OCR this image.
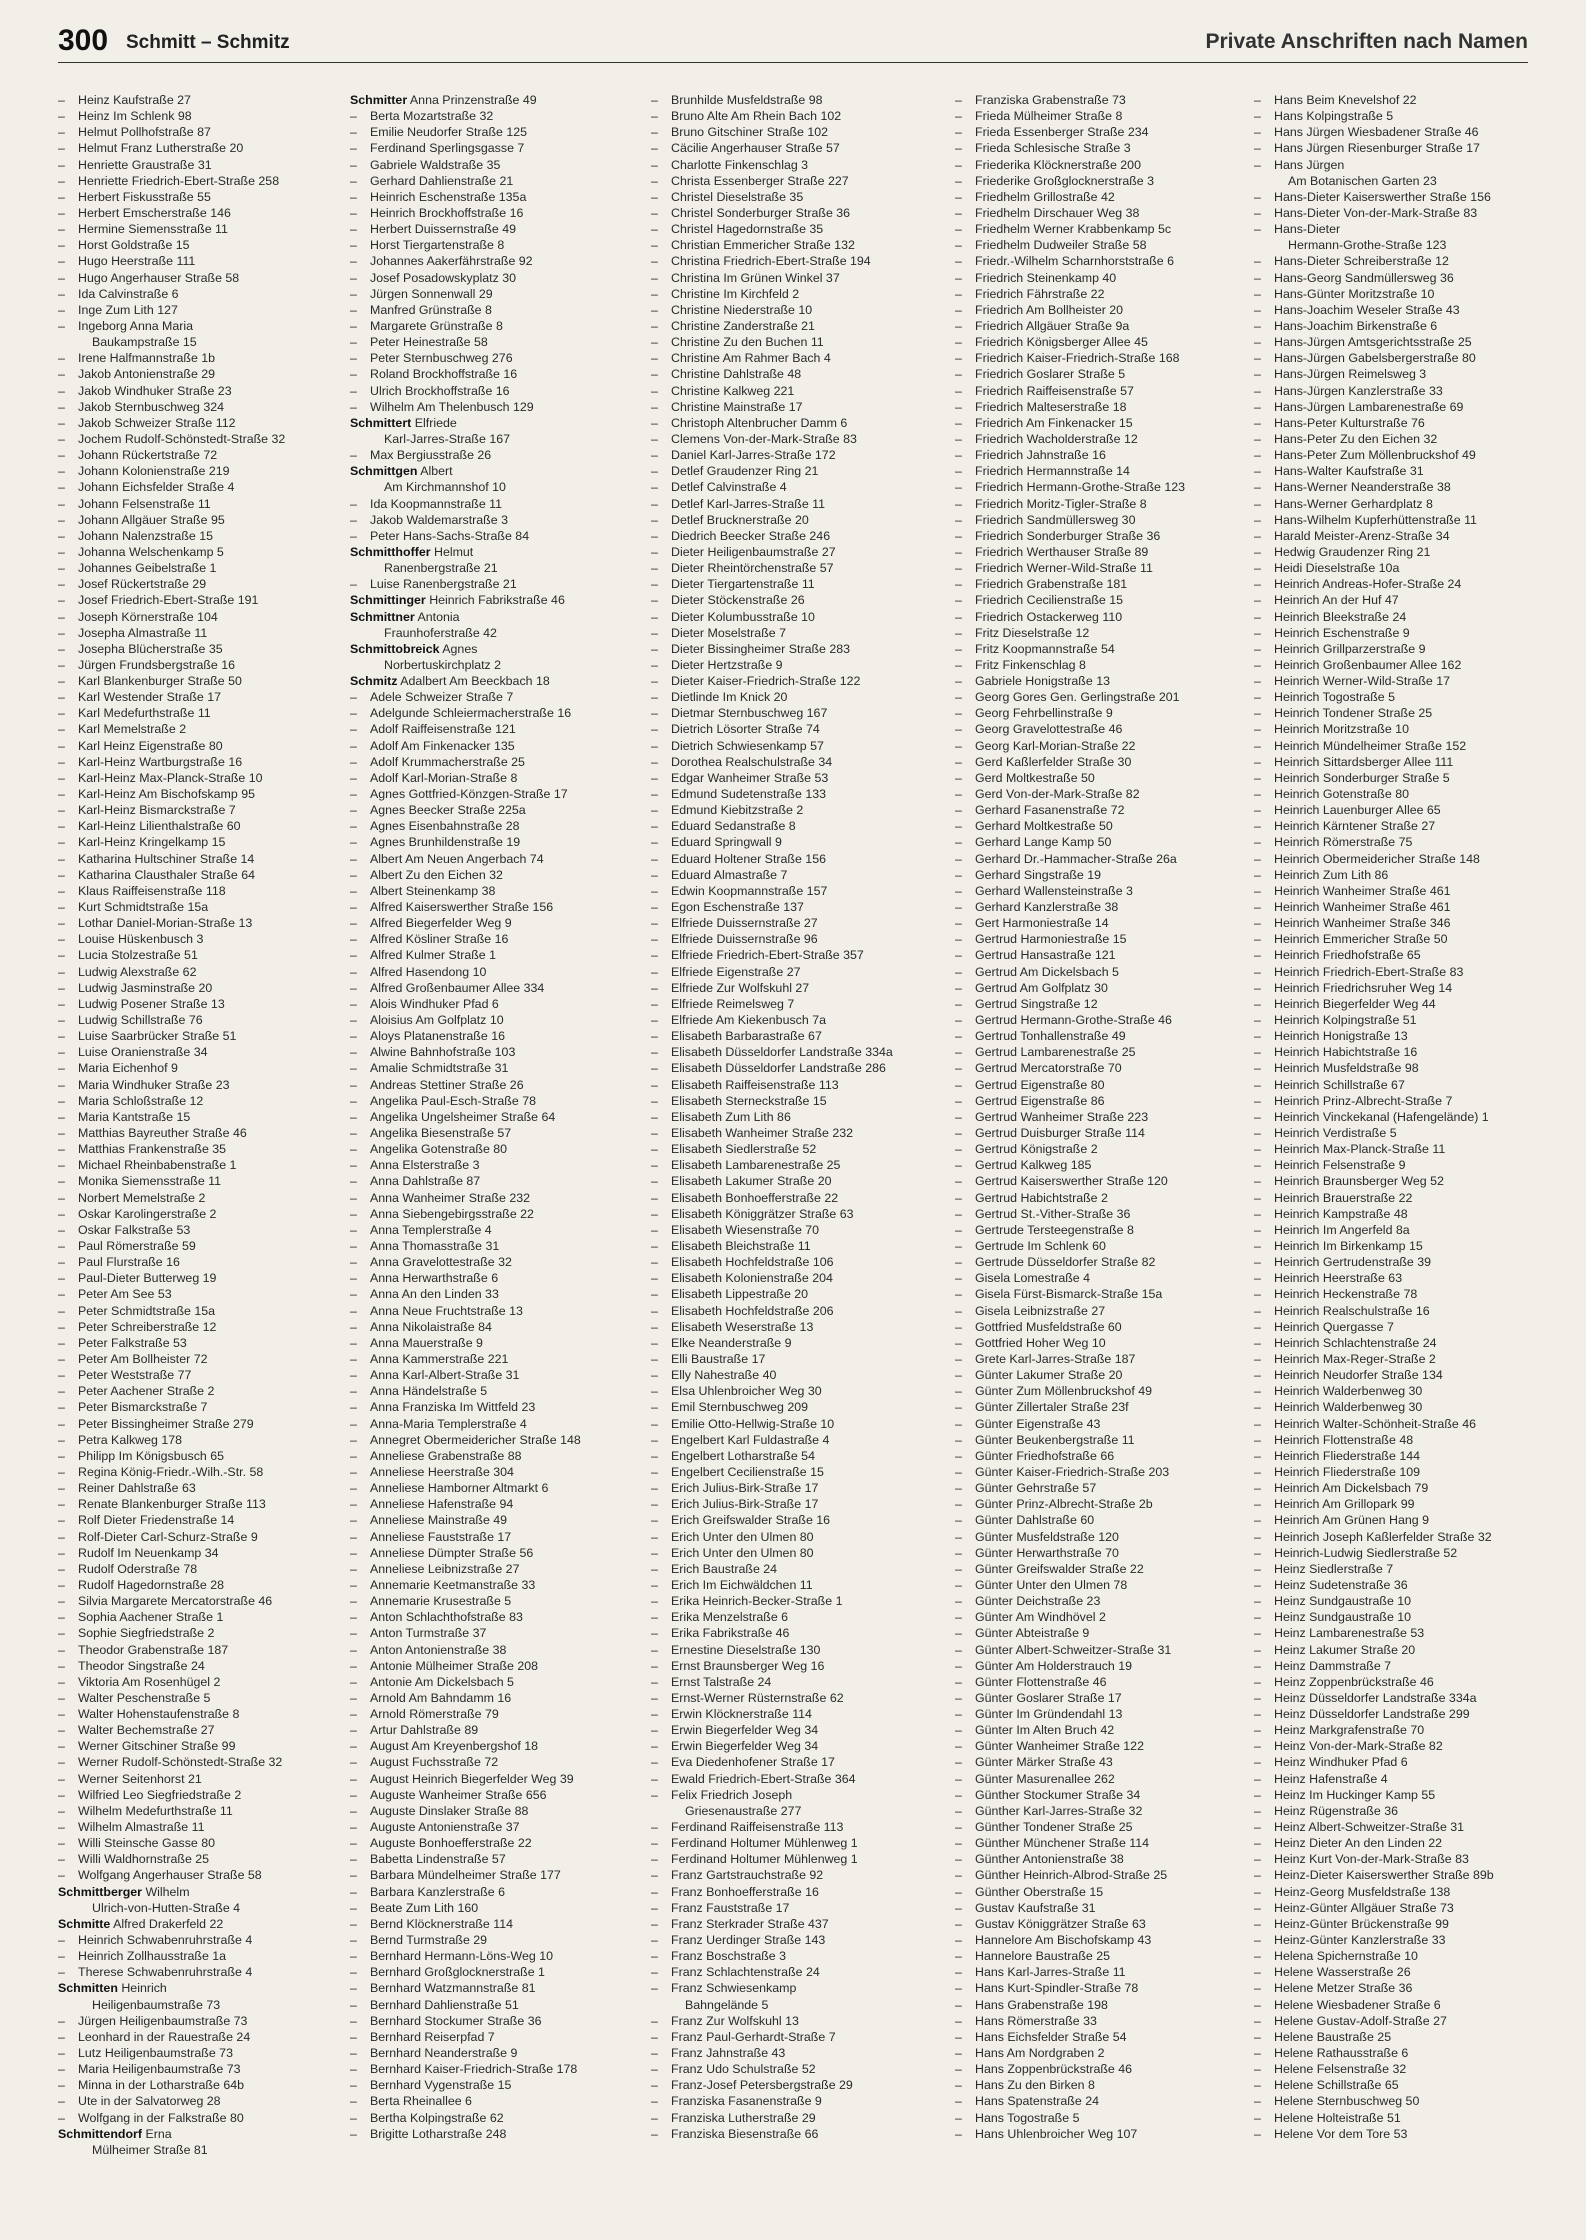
300 Schmitt – Schmitz	Private Anschriften nach Namen
– Heinz Kaufstraße 27
– Heinz Im Schlenk 98
– Helmut Pollhofstraße 87
– Helmut Franz Lutherstraße 20
– Henriette Graustraße 31
– Henriette Friedrich-Ebert-Straße 258
– Herbert Fiskusstraße 55
– Herbert Emscherstraße 146
– Hermine Siemensstraße 11
– Horst Goldstraße 15
– Hugo Heerstraße 111
– Hugo Angerhauser Straße 58
– Ida Calvinstraße 6
– Inge Zum Lith 127
– Ingeborg Anna Maria
Baukampstraße 15
– Irene Halfmannstraße 1b
– Jakob Antonienstraße 29
– Jakob Windhuker Straße 23
– Jakob Sternbuschweg 324
– Jakob Schweizer Straße 112
– Jochem Rudolf-Schönstedt-Straße 32
– Johann Rückertstraße 72
– Johann Kolonienstraße 219
– Johann Eichsfelder Straße 4
– Johann Felsenstraße 11
– Johann Allgäuer Straße 95
– Johann Nalenzstraße 15
– Johanna Welschenkamp 5
– Johannes Geibelstraße 1
– Josef Rückertstraße 29
– Josef Friedrich-Ebert-Straße 191
– Joseph Körnerstraße 104
– Josepha Almastraße 11
– Josepha Blücherstraße 35
– Jürgen Frundsbergstraße 16
– Karl Blankenburger Straße 50
– Karl Westender Straße 17
– Karl Medefurthstraße 11
– Karl Memelstraße 2
– Karl Heinz Eigenstraße 80
– Karl-Heinz Wartburgstraße 16
– Karl-Heinz Max-Planck-Straße 10
– Karl-Heinz Am Bischofskamp 95
– Karl-Heinz Bismarckstraße 7
– Karl-Heinz Lilienthalstraße 60
– Karl-Heinz Kringelkamp 15
– Katharina Hultschiner Straße 14
– Katharina Clausthaler Straße 64
– Klaus Raiffeisenstraße 118
– Kurt Schmidtstraße 15a
– Lothar Daniel-Morian-Straße 13
– Louise Hüskenbusch 3
– Lucia Stolzestraße 51
– Ludwig Alexstraße 62
– Ludwig Jasminstraße 20
– Ludwig Posener Straße 13
– Ludwig Schillstraße 76
– Luise Saarbrücker Straße 51
– Luise Oranienstraße 34
– Maria Eichenhof 9
– Maria Windhuker Straße 23
– Maria Schloßstraße 12
– Maria Kantstraße 15
– Matthias Bayreuther Straße 46
– Matthias Frankenstraße 35
– Michael Rheinbabenstraße 1
– Monika Siemensstraße 11
– Norbert Memelstraße 2
– Oskar Karolingerstraße 2
– Oskar Falkstraße 53
– Paul Römerstraße 59
– Paul Flurstraße 16
– Paul-Dieter Butterweg 19
– Peter Am See 53
– Peter Schmidtstraße 15a
– Peter Schreiberstraße 12
– Peter Falkstraße 53
– Peter Am Bollheister 72
– Peter Weststraße 77
– Peter Aachener Straße 2
– Peter Bismarckstraße 7
– Peter Bissingheimer Straße 279
– Petra Kalkweg 178
– Philipp Im Königsbusch 65
– Regina König-Friedr.-Wilh.-Str. 58
– Reiner Dahlstraße 63
– Renate Blankenburger Straße 113
– Rolf Dieter Friedenstraße 14
– Rolf-Dieter Carl-Schurz-Straße 9
– Rudolf Im Neuenkamp 34
– Rudolf Oderstraße 78
– Rudolf Hagedornstraße 28
– Silvia Margarete Mercatorstraße 46
– Sophia Aachener Straße 1
– Sophie Siegfriedstraße 2
– Theodor Grabenstraße 187
– Theodor Singstraße 24
– Viktoria Am Rosenhügel 2
– Walter Peschenstraße 5
– Walter Hohenstaufenstraße 8
– Walter Bechemstraße 27
– Werner Gitschiner Straße 99
– Werner Rudolf-Schönstedt-Straße 32
– Werner Seitenhorst 21
– Wilfried Leo Siegfriedstraße 2
– Wilhelm Medefurthstraße 11
– Wilhelm Almastraße 11
– Willi Steinsche Gasse 80
– Willi Waldhornstraße 25
– Wolfgang Angerhauser Straße 58
Schmittberger Wilhelm
Ulrich-von-Hutten-Straße 4
Schmitte Alfred Drakerfeld 22
– Heinrich Schwabenruhrstraße 4
– Heinrich Zollhausstraße 1a
– Therese Schwabenruhrstraße 4
Schmitten Heinrich
Heiligenbaumstraße 73
– Jürgen Heiligenbaumstraße 73
– Leonhard in der Rauestraße 24
– Lutz Heiligenbaumstraße 73
– Maria Heiligenbaumstraße 73
– Minna in der Lotharstraße 64b
– Ute in der Salvatorweg 28
– Wolfgang in der Falkstraße 80
Schmittendorf Erna
Mülheimer Straße 81
Schmitter Anna Prinzenstraße 49
– Berta Mozartstraße 32
– Emilie Neudorfer Straße 125
– Ferdinand Sperlingsgasse 7
– Gabriele Waldstraße 35
– Gerhard Dahlienstraße 21
– Heinrich Eschenstraße 135a
– Heinrich Brockhoffstraße 16
– Herbert Duissernstraße 49
– Horst Tiergartenstraße 8
– Johannes Aakerfährstraße 92
– Josef Posadowskyplatz 30
– Jürgen Sonnenwall 29
– Manfred Grünstraße 8
– Margarete Grünstraße 8
– Peter Heinestraße 58
– Peter Sternbuschweg 276
– Roland Brockhoffstraße 16
– Ulrich Brockhoffstraße 16
– Wilhelm Am Thelenbusch 129
Schmittert Elfriede
Karl-Jarres-Straße 167
– Max Bergiusstraße 26
Schmittgen Albert
Am Kirchmannshof 10
– Ida Koopmannstraße 11
– Jakob Waldemarstraße 3
– Peter Hans-Sachs-Straße 84
Schmitthoffer Helmut
Ranenbergstraße 21
– Luise Ranenbergstraße 21
Schmittinger Heinrich Fabrikstraße 46
Schmittner Antonia
Fraunhoferstraße 42
Schmittobreick Agnes
Norbertuskirchplatz 2
Schmitz Adalbert Am Beeckbach 18
– Adele Schweizer Straße 7
– Adelgunde Schleiermacherstraße 16
– Adolf Raiffeisenstraße 121
– Adolf Am Finkenacker 135
– Adolf Krummacherstraße 25
– Adolf Karl-Morian-Straße 8
– Agnes Gottfried-Könzgen-Straße 17
– Agnes Beecker Straße 225a
– Agnes Eisenbahnstraße 28
– Agnes Brunhildenstraße 19
– Albert Am Neuen Angerbach 74
– Albert Zu den Eichen 32
– Albert Steinenkamp 38
– Alfred Kaiserswerther Straße 156
– Alfred Biegerfelder Weg 9
– Alfred Kösliner Straße 16
– Alfred Kulmer Straße 1
– Alfred Hasendong 10
– Alfred Großenbaumer Allee 334
– Alois Windhuker Pfad 6
– Aloisius Am Golfplatz 10
– Aloys Platanenstraße 16
– Alwine Bahnhofstraße 103
– Amalie Schmidtstraße 31
– Andreas Stettiner Straße 26
– Angelika Paul-Esch-Straße 78
– Angelika Ungelsheimer Straße 64
– Angelika Biesenstraße 57
– Angelika Gotenstraße 80
– Anna Elsterstraße 3
– Anna Dahlstraße 87
– Anna Wanheimer Straße 232
– Anna Siebengebirgsstraße 22
– Anna Templerstraße 4
– Anna Thomasstraße 31
– Anna Gravelottestraße 32
– Anna Herwarthstraße 6
– Anna An den Linden 33
– Anna Neue Fruchtstraße 13
– Anna Nikolaistraße 84
– Anna Mauerstraße 9
– Anna Kammerstraße 221
– Anna Karl-Albert-Straße 31
– Anna Händelstraße 5
– Anna Franziska Im Wittfeld 23
– Anna-Maria Templerstraße 4
– Annegret Obermeidericher Straße 148
– Anneliese Grabenstraße 88
– Anneliese Heerstraße 304
– Anneliese Hamborner Altmarkt 6
– Anneliese Hafenstraße 94
– Anneliese Mainstraße 49
– Anneliese Fauststraße 17
– Anneliese Dümpter Straße 56
– Anneliese Leibnizstraße 27
– Annemarie Keetmanstraße 33
– Annemarie Krusestraße 5
– Anton Schlachthofstraße 83
– Anton Turmstraße 37
– Anton Antonienstraße 38
– Antonie Mülheimer Straße 208
– Antonie Am Dickelsbach 5
– Arnold Am Bahndamm 16
– Arnold Römerstraße 79
– Artur Dahlstraße 89
– August Am Kreyenbergshof 18
– August Fuchsstraße 72
– August Heinrich Biegerfelder Weg 39
– Auguste Wanheimer Straße 656
– Auguste Dinslaker Straße 88
– Auguste Antonienstraße 37
– Auguste Bonhoefferstraße 22
– Babetta Lindenstraße 57
– Barbara Mündelheimer Straße 177
– Barbara Kanzlerstraße 6
– Beate Zum Lith 160
– Bernd Klöcknerstraße 114
– Bernd Turmstraße 29
– Bernhard Hermann-Löns-Weg 10
– Bernhard Großglocknerstraße 1
– Bernhard Watzmannstraße 81
– Bernhard Dahlienstraße 51
– Bernhard Stockumer Straße 36
– Bernhard Reiserpfad 7
– Bernhard Neanderstraße 9
– Bernhard Kaiser-Friedrich-Straße 178
– Bernhard Vygenstraße 15
– Berta Rheinallee 6
– Bertha Kolpingstraße 62
– Brigitte Lotharstraße 248
– Brunhilde Musfeldstraße 98
– Bruno Alte Am Rhein Bach 102
– Bruno Gitschiner Straße 102
– Cäcilie Angerhauser Straße 57
– Charlotte Finkenschlag 3
– Christa Essenberger Straße 227
– Christel Dieselstraße 35
– Christel Sonderburger Straße 36
– Christel Hagedornstraße 35
– Christian Emmericher Straße 132
– Christina Friedrich-Ebert-Straße 194
– Christina Im Grünen Winkel 37
– Christine Im Kirchfeld 2
– Christine Niederstraße 10
– Christine Zanderstraße 21
– Christine Zu den Buchen 11
– Christine Am Rahmer Bach 4
– Christine Dahlstraße 48
– Christine Kalkweg 221
– Christine Mainstraße 17
– Christoph Altenbrucher Damm 6
– Clemens Von-der-Mark-Straße 83
– Daniel Karl-Jarres-Straße 172
– Detlef Graudenzer Ring 21
– Detlef Calvinstraße 4
– Detlef Karl-Jarres-Straße 11
– Detlef Brucknerstraße 20
– Diedrich Beecker Straße 246
– Dieter Heiligenbaumstraße 27
– Dieter Rheintörchenstraße 57
– Dieter Tiergartenstraße 11
– Dieter Stöckenstraße 26
– Dieter Kolumbusstraße 10
– Dieter Moselstraße 7
– Dieter Bissingheimer Straße 283
– Dieter Hertzstraße 9
– Dieter Kaiser-Friedrich-Straße 122
– Dietlinde Im Knick 20
– Dietmar Sternbuschweg 167
– Dietrich Lösorter Straße 74
– Dietrich Schwiesenkamp 57
– Dorothea Realschulstraße 34
– Edgar Wanheimer Straße 53
– Edmund Sudetenstraße 133
– Edmund Kiebitzstraße 2
– Eduard Sedanstraße 8
– Eduard Springwall 9
– Eduard Holtener Straße 156
– Eduard Almastraße 7
– Edwin Koopmannstraße 157
– Egon Eschenstraße 137
– Elfriede Duissernstraße 27
– Elfriede Duissernstraße 96
– Elfriede Friedrich-Ebert-Straße 357
– Elfriede Eigenstraße 27
– Elfriede Zur Wolfskuhl 27
– Elfriede Reimelsweg 7
– Elfriede Am Kiekenbusch 7a
– Elisabeth Barbarastraße 67
– Elisabeth Düsseldorfer Landstraße 334a
– Elisabeth Düsseldorfer Landstraße 286
– Elisabeth Raiffeisenstraße 113
– Elisabeth Sterneckstraße 15
– Elisabeth Zum Lith 86
– Elisabeth Wanheimer Straße 232
– Elisabeth Siedlerstraße 52
– Elisabeth Lambarenestraße 25
– Elisabeth Lakumer Straße 20
– Elisabeth Bonhoefferstraße 22
– Elisabeth Königgrätzer Straße 63
– Elisabeth Wiesenstraße 70
– Elisabeth Bleichstraße 11
– Elisabeth Hochfeldstraße 106
– Elisabeth Kolonienstraße 204
– Elisabeth Lippestraße 20
– Elisabeth Hochfeldstraße 206
– Elisabeth Weserstraße 13
– Elke Neanderstraße 9
– Elli Baustraße 17
– Elly Nahestraße 40
– Elsa Uhlenbroicher Weg 30
– Emil Sternbuschweg 209
– Emilie Otto-Hellwig-Straße 10
– Engelbert Karl Fuldastraße 4
– Engelbert Lotharstraße 54
– Engelbert Cecilienstraße 15
– Erich Julius-Birk-Straße 17
– Erich Julius-Birk-Straße 17
– Erich Greifswalder Straße 16
– Erich Unter den Ulmen 80
– Erich Unter den Ulmen 80
– Erich Baustraße 24
– Erich Im Eichwäldchen 11
– Erika Heinrich-Becker-Straße 1
– Erika Menzelstraße 6
– Erika Fabrikstraße 46
– Ernestine Dieselstraße 130
– Ernst Braunsberger Weg 16
– Ernst Talstraße 24
– Ernst-Werner Rüsternstraße 62
– Erwin Klöcknerstraße 114
– Erwin Biegerfelder Weg 34
– Erwin Biegerfelder Weg 34
– Eva Diedenhofener Straße 17
– Ewald Friedrich-Ebert-Straße 364
– Felix Friedrich Joseph
Griesenaustraße 277
– Ferdinand Raiffeisenstraße 113
– Ferdinand Holtumer Mühlenweg 1
– Ferdinand Holtumer Mühlenweg 1
– Franz Gartstrauchstraße 92
– Franz Bonhoefferstraße 16
– Franz Fauststraße 17
– Franz Sterkrader Straße 437
– Franz Uerdinger Straße 143
– Franz Boschstraße 3
– Franz Schlachtenstraße 24
– Franz Schwiesenkamp
Bahngelände 5
– Franz Zur Wolfskuhl 13
– Franz Paul-Gerhardt-Straße 7
– Franz Jahnstraße 43
– Franz Udo Schulstraße 52
– Franz-Josef Petersbergstraße 29
– Franziska Fasanenstraße 9
– Franziska Lutherstraße 29
– Franziska Biesenstraße 66
– Franziska Grabenstraße 73
– Frieda Mülheimer Straße 8
– Frieda Essenberger Straße 234
– Frieda Schlesische Straße 3
– Friederika Klöcknerstraße 200
– Friederike Großglocknerstraße 3
– Friedhelm Grillostraße 42
– Friedhelm Dirschauer Weg 38
– Friedhelm Werner Krabbenkamp 5c
– Friedhelm Dudweiler Straße 58
– Friedr.-Wilhelm Scharnhorststraße 6
– Friedrich Steinenkamp 40
– Friedrich Fährstraße 22
– Friedrich Am Bollheister 20
– Friedrich Allgäuer Straße 9a
– Friedrich Königsberger Allee 45
– Friedrich Kaiser-Friedrich-Straße 168
– Friedrich Goslarer Straße 5
– Friedrich Raiffeisenstraße 57
– Friedrich Malteserstraße 18
– Friedrich Am Finkenacker 15
– Friedrich Wacholderstraße 12
– Friedrich Jahnstraße 16
– Friedrich Hermannstraße 14
– Friedrich Hermann-Grothe-Straße 123
– Friedrich Moritz-Tigler-Straße 8
– Friedrich Sandmüllersweg 30
– Friedrich Sonderburger Straße 36
– Friedrich Werthauser Straße 89
– Friedrich Werner-Wild-Straße 11
– Friedrich Grabenstraße 181
– Friedrich Cecilienstraße 15
– Friedrich Ostackerweg 110
– Fritz Dieselstraße 12
– Fritz Koopmannstraße 54
– Fritz Finkenschlag 8
– Gabriele Honigstraße 13
– Georg Gores Gen. Gerlingstraße 201
– Georg Fehrbellinstraße 9
– Georg Gravelottestraße 46
– Georg Karl-Morian-Straße 22
– Gerd Kaßlerfelder Straße 30
– Gerd Moltkestraße 50
– Gerd Von-der-Mark-Straße 82
– Gerhard Fasanenstraße 72
– Gerhard Moltkestraße 50
– Gerhard Lange Kamp 50
– Gerhard Dr.-Hammacher-Straße 26a
– Gerhard Singstraße 19
– Gerhard Wallensteinstraße 3
– Gerhard Kanzlerstraße 38
– Gert Harmoniestraße 14
– Gertrud Harmoniestraße 15
– Gertrud Hansastraße 121
– Gertrud Am Dickelsbach 5
– Gertrud Am Golfplatz 30
– Gertrud Singstraße 12
– Gertrud Hermann-Grothe-Straße 46
– Gertrud Tonhallenstraße 49
– Gertrud Lambarenestraße 25
– Gertrud Mercatorstraße 70
– Gertrud Eigenstraße 80
– Gertrud Eigenstraße 86
– Gertrud Wanheimer Straße 223
– Gertrud Duisburger Straße 114
– Gertrud Königstraße 2
– Gertrud Kalkweg 185
– Gertrud Kaiserswerther Straße 120
– Gertrud Habichtstraße 2
– Gertrud St.-Vither-Straße 36
– Gertrude Tersteegenstraße 8
– Gertrude Im Schlenk 60
– Gertrude Düsseldorfer Straße 82
– Gisela Lomestraße 4
– Gisela Fürst-Bismarck-Straße 15a
– Gisela Leibnizstraße 27
– Gottfried Musfeldstraße 60
– Gottfried Hoher Weg 10
– Grete Karl-Jarres-Straße 187
– Günter Lakumer Straße 20
– Günter Zum Möllenbruckshof 49
– Günter Zillertaler Straße 23f
– Günter Eigenstraße 43
– Günter Beukenbergstraße 11
– Günter Friedhofstraße 66
– Günter Kaiser-Friedrich-Straße 203
– Günter Gehrstraße 57
– Günter Prinz-Albrecht-Straße 2b
– Günter Dahlstraße 60
– Günter Musfeldstraße 120
– Günter Herwarthstraße 70
– Günter Greifswalder Straße 22
– Günter Unter den Ulmen 78
– Günter Deichstraße 23
– Günter Am Windhövel 2
– Günter Abteistraße 9
– Günter Albert-Schweitzer-Straße 31
– Günter Am Holderstrauch 19
– Günter Flottenstraße 46
– Günter Goslarer Straße 17
– Günter Im Gründendahl 13
– Günter Im Alten Bruch 42
– Günter Wanheimer Straße 122
– Günter Märker Straße 43
– Günter Masurenallee 262
– Günther Stockumer Straße 34
– Günther Karl-Jarres-Straße 32
– Günther Tondener Straße 25
– Günther Münchener Straße 114
– Günther Antonienstraße 38
– Günther Heinrich-Albrod-Straße 25
– Günther Oberstraße 15
– Gustav Kaufstraße 31
– Gustav Königgrätzer Straße 63
– Hannelore Am Bischofskamp 43
– Hannelore Baustraße 25
– Hans Karl-Jarres-Straße 11
– Hans Kurt-Spindler-Straße 78
– Hans Grabenstraße 198
– Hans Römerstraße 33
– Hans Eichsfelder Straße 54
– Hans Am Nordgraben 2
– Hans Zoppenbrückstraße 46
– Hans Zu den Birken 8
– Hans Spatenstraße 24
– Hans Togostraße 5
– Hans Uhlenbroicher Weg 107
– Hans Beim Knevelshof 22
– Hans Kolpingstraße 5
– Hans Jürgen Wiesbadener Straße 46
– Hans Jürgen Riesenburger Straße 17
– Hans Jürgen
Am Botanischen Garten 23
– Hans-Dieter Kaiserswerther Straße 156
– Hans-Dieter Von-der-Mark-Straße 83
– Hans-Dieter
Hermann-Grothe-Straße 123
– Hans-Dieter Schreiberstraße 12
– Hans-Georg Sandmüllersweg 36
– Hans-Günter Moritzstraße 10
– Hans-Joachim Weseler Straße 43
– Hans-Joachim Birkenstraße 6
– Hans-Jürgen Amtsgerichtsstraße 25
– Hans-Jürgen Gabelsbergerstraße 80
– Hans-Jürgen Reimelsweg 3
– Hans-Jürgen Kanzlerstraße 33
– Hans-Jürgen Lambarenestraße 69
– Hans-Peter Kulturstraße 76
– Hans-Peter Zu den Eichen 32
– Hans-Peter Zum Möllenbruckshof 49
– Hans-Walter Kaufstraße 31
– Hans-Werner Neanderstraße 38
– Hans-Werner Gerhardplatz 8
– Hans-Wilhelm Kupferhüttenstraße 11
– Harald Meister-Arenz-Straße 34
– Hedwig Graudenzer Ring 21
– Heidi Dieselstraße 10a
– Heinrich Andreas-Hofer-Straße 24
– Heinrich An der Huf 47
– Heinrich Bleekstraße 24
– Heinrich Eschenstraße 9
– Heinrich Grillparzerstraße 9
– Heinrich Großenbaumer Allee 162
– Heinrich Werner-Wild-Straße 17
– Heinrich Togostraße 5
– Heinrich Tondener Straße 25
– Heinrich Moritzstraße 10
– Heinrich Mündelheimer Straße 152
– Heinrich Sittardsberger Allee 111
– Heinrich Sonderburger Straße 5
– Heinrich Gotenstraße 80
– Heinrich Lauenburger Allee 65
– Heinrich Kärntener Straße 27
– Heinrich Römerstraße 75
– Heinrich Obermeidericher Straße 148
– Heinrich Zum Lith 86
– Heinrich Wanheimer Straße 461
– Heinrich Wanheimer Straße 461
– Heinrich Wanheimer Straße 346
– Heinrich Emmericher Straße 50
– Heinrich Friedhofstraße 65
– Heinrich Friedrich-Ebert-Straße 83
– Heinrich Friedrichsruher Weg 14
– Heinrich Biegerfelder Weg 44
– Heinrich Kolpingstraße 51
– Heinrich Honigstraße 13
– Heinrich Habichtstraße 16
– Heinrich Musfeldstraße 98
– Heinrich Schillstraße 67
– Heinrich Prinz-Albrecht-Straße 7
– Heinrich Vinckekanal (Hafengelände) 1
– Heinrich Verdistraße 5
– Heinrich Max-Planck-Straße 11
– Heinrich Felsenstraße 9
– Heinrich Braunsberger Weg 52
– Heinrich Brauerstraße 22
– Heinrich Kampstraße 48
– Heinrich Im Angerfeld 8a
– Heinrich Im Birkenkamp 15
– Heinrich Gertrudenstraße 39
– Heinrich Heerstraße 63
– Heinrich Heckenstraße 78
– Heinrich Realschulstraße 16
– Heinrich Quergasse 7
– Heinrich Schlachtenstraße 24
– Heinrich Max-Reger-Straße 2
– Heinrich Neudorfer Straße 134
– Heinrich Walderbenweg 30
– Heinrich Walderbenweg 30
– Heinrich Walter-Schönheit-Straße 46
– Heinrich Flottenstraße 48
– Heinrich Fliederstraße 144
– Heinrich Fliederstraße 109
– Heinrich Am Dickelsbach 79
– Heinrich Am Grillopark 99
– Heinrich Am Grünen Hang 9
– Heinrich Joseph Kaßlerfelder Straße 32
– Heinrich-Ludwig Siedlerstraße 52
– Heinz Siedlerstraße 7
– Heinz Sudetenstraße 36
– Heinz Sundgaustraße 10
– Heinz Sundgaustraße 10
– Heinz Lambarenestraße 53
– Heinz Lakumer Straße 20
– Heinz Dammstraße 7
– Heinz Zoppenbrückstraße 46
– Heinz Düsseldorfer Landstraße 334a
– Heinz Düsseldorfer Landstraße 299
– Heinz Markgrafenstraße 70
– Heinz Von-der-Mark-Straße 82
– Heinz Windhuker Pfad 6
– Heinz Hafenstraße 4
– Heinz Im Huckinger Kamp 55
– Heinz Rügenstraße 36
– Heinz Albert-Schweitzer-Straße 31
– Heinz Dieter An den Linden 22
– Heinz Kurt Von-der-Mark-Straße 83
– Heinz-Dieter Kaiserswerther Straße 89b
– Heinz-Georg Musfeldstraße 138
– Heinz-Günter Allgäuer Straße 73
– Heinz-Günter Brückenstraße 99
– Heinz-Günter Kanzlerstraße 33
– Helena Spichernstraße 10
– Helene Wasserstraße 26
– Helene Metzer Straße 36
– Helene Wiesbadener Straße 6
– Helene Gustav-Adolf-Straße 27
– Helene Baustraße 25
– Helene Rathausstraße 6
– Helene Felsenstraße 32
– Helene Schillstraße 65
– Helene Sternbuschweg 50
– Helene Holteistraße 51
– Helene Vor dem Tore 53
